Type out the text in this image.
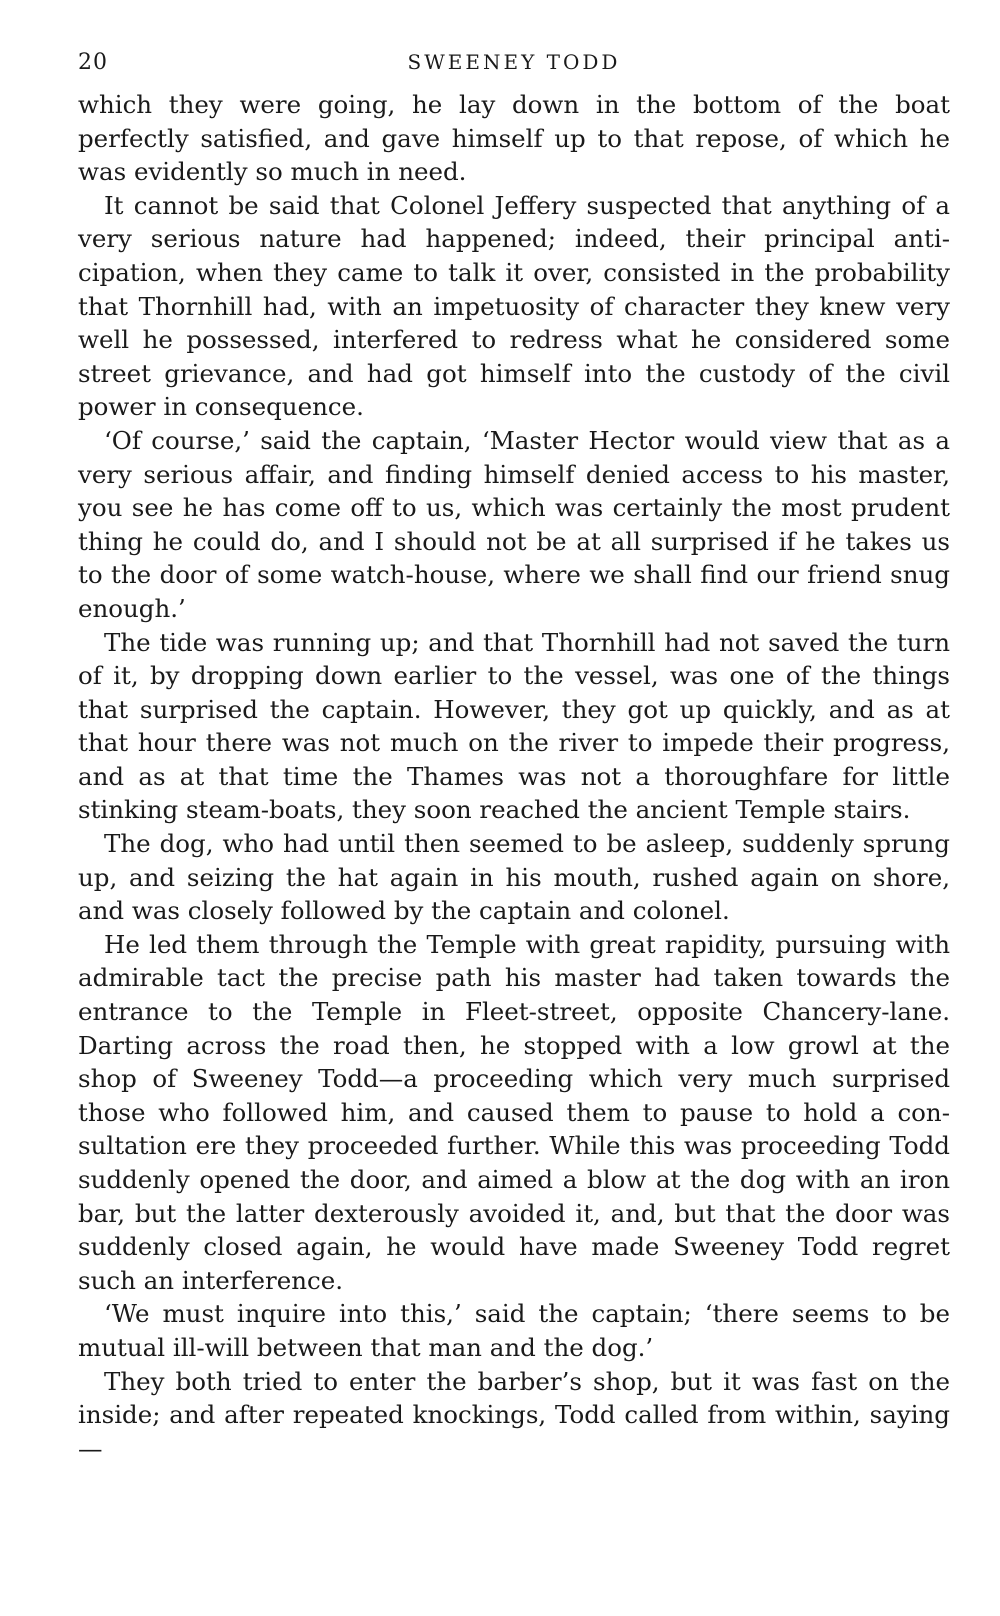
20	SWEENEY TODD

which they were going, he lay down in the bottom of the boat perfectly satisfied, and gave himself up to that repose, of which he was evidently so much in need.

It cannot be said that Colonel Jeffery suspected that anything of a very serious nature had happened; indeed, their principal anticipation, when they came to talk it over, consisted in the probability that Thornhill had, with an impetuosity of character they knew very well he possessed, interfered to redress what he considered some street grievance, and had got himself into the custody of the civil power in consequence.

‘Of course,’ said the captain, ‘Master Hector would view that as a very serious affair, and finding himself denied access to his master, you see he has come off to us, which was certainly the most prudent thing he could do, and I should not be at all surprised if he takes us to the door of some watch-house, where we shall find our friend snug enough.’

The tide was running up; and that Thornhill had not saved the turn of it, by dropping down earlier to the vessel, was one of the things that surprised the captain. However, they got up quickly, and as at that hour there was not much on the river to impede their progress, and as at that time the Thames was not a thoroughfare for little stinking steam-boats, they soon reached the ancient Temple stairs.

The dog, who had until then seemed to be asleep, suddenly sprung up, and seizing the hat again in his mouth, rushed again on shore, and was closely followed by the captain and colonel.

He led them through the Temple with great rapidity, pursuing with admirable tact the precise path his master had taken towards the entrance to the Temple in Fleet-street, opposite Chancery-lane. Darting across the road then, he stopped with a low growl at the shop of Sweeney Todd—a proceeding which very much surprised those who followed him, and caused them to pause to hold a consultation ere they proceeded further. While this was proceeding Todd suddenly opened the door, and aimed a blow at the dog with an iron bar, but the latter dexterously avoided it, and, but that the door was suddenly closed again, he would have made Sweeney Todd regret such an interference.

‘We must inquire into this,’ said the captain; ‘there seems to be mutual ill-will between that man and the dog.’

They both tried to enter the barber’s shop, but it was fast on the inside; and after repeated knockings, Todd called from within, saying —
